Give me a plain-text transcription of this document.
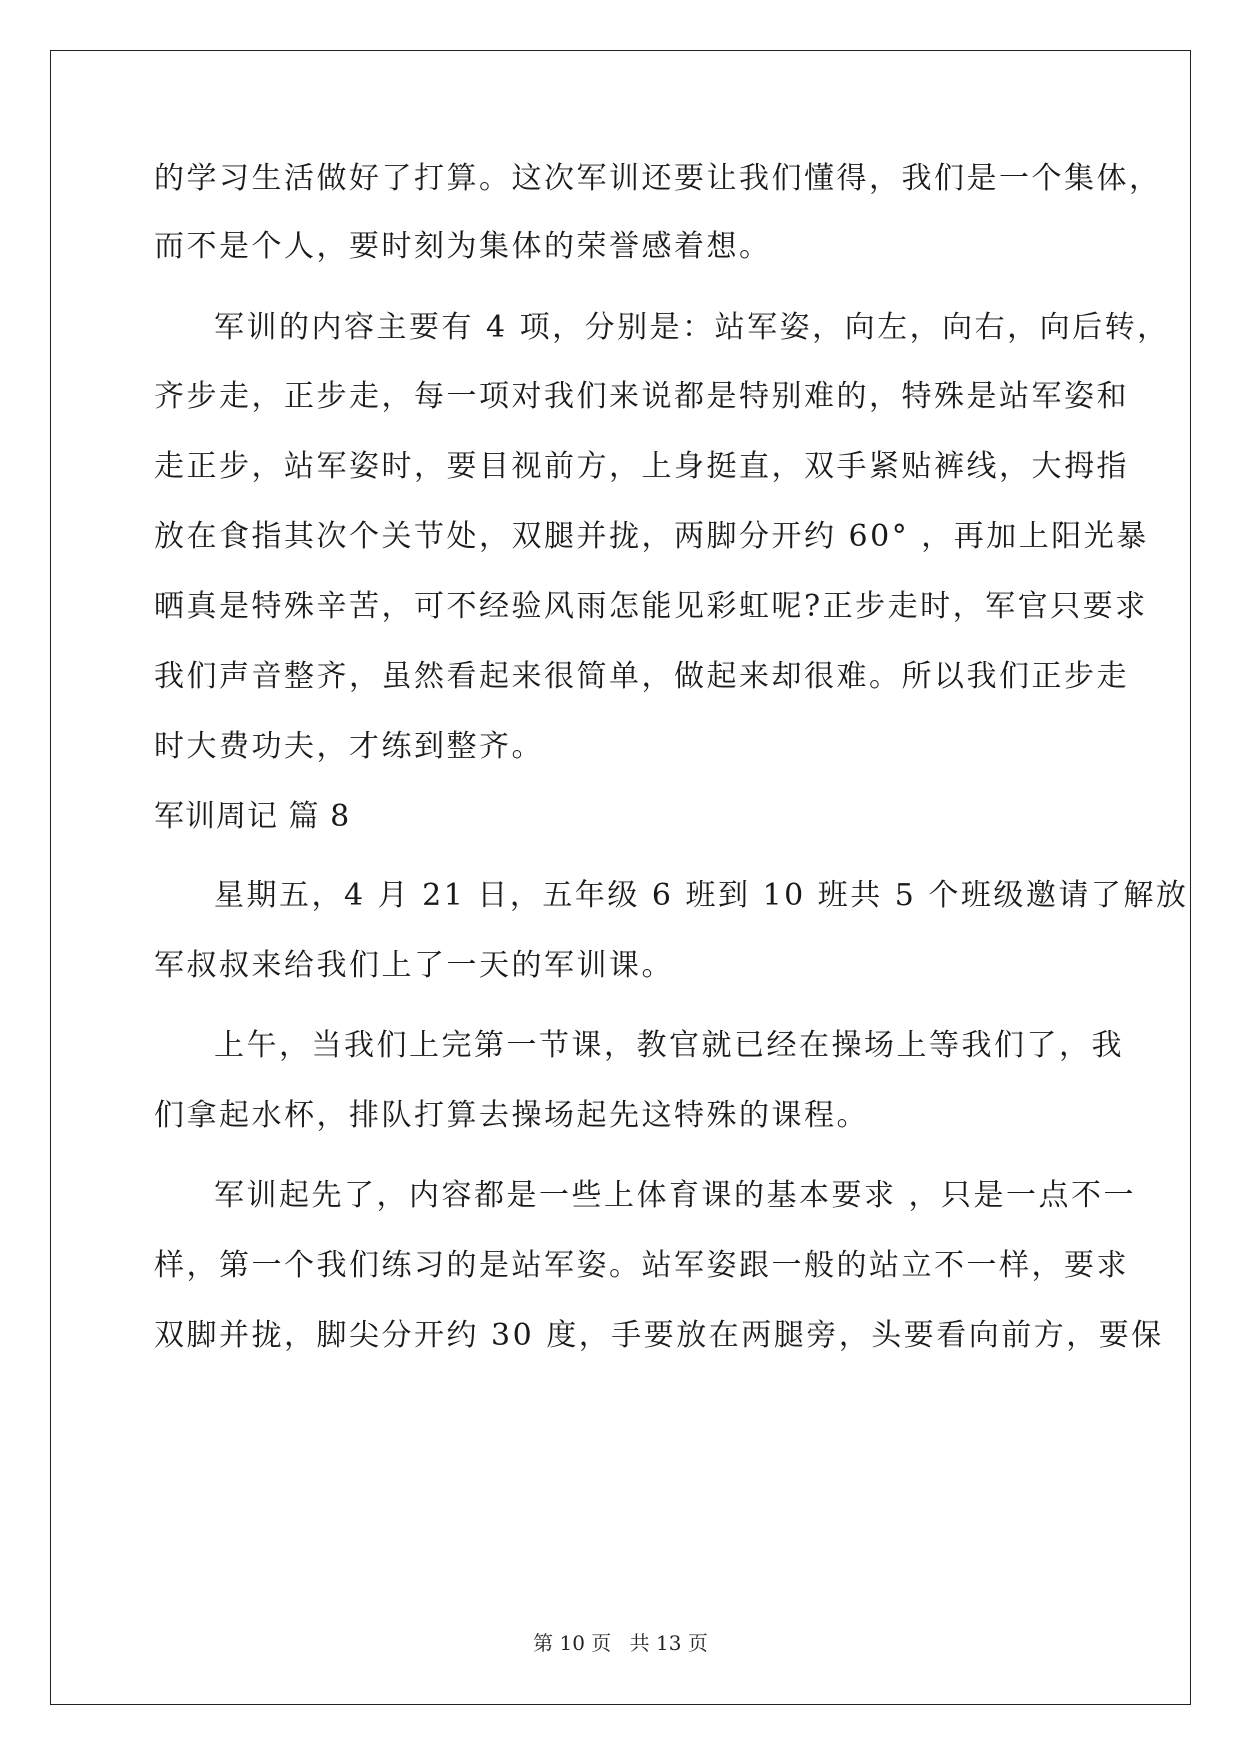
的学习生活做好了打算。这次军训还要让我们懂得，我们是一个集体，
而不是个人，要时刻为集体的荣誉感着想。
军训的内容主要有 4 项，分别是：站军姿，向左，向右，向后转，
齐步走，正步走，每一项对我们来说都是特别难的，特殊是站军姿和
走正步，站军姿时，要目视前方，上身挺直，双手紧贴裤线，大拇指
放在食指其次个关节处，双腿并拢，两脚分开约 60° ，再加上阳光暴
晒真是特殊辛苦，可不经验风雨怎能见彩虹呢?正步走时，军官只要求
我们声音整齐，虽然看起来很简单，做起来却很难。所以我们正步走
时大费功夫，才练到整齐。
军训周记 篇 8
星期五，4 月 21 日，五年级 6 班到 10 班共 5 个班级邀请了解放
军叔叔来给我们上了一天的军训课。
上午，当我们上完第一节课，教官就已经在操场上等我们了，我
们拿起水杯，排队打算去操场起先这特殊的课程。
军训起先了，内容都是一些上体育课的基本要求 ，只是一点不一
样，第一个我们练习的是站军姿。站军姿跟一般的站立不一样，要求
双脚并拢，脚尖分开约 30 度，手要放在两腿旁，头要看向前方，要保
第 10 页 共 13 页
